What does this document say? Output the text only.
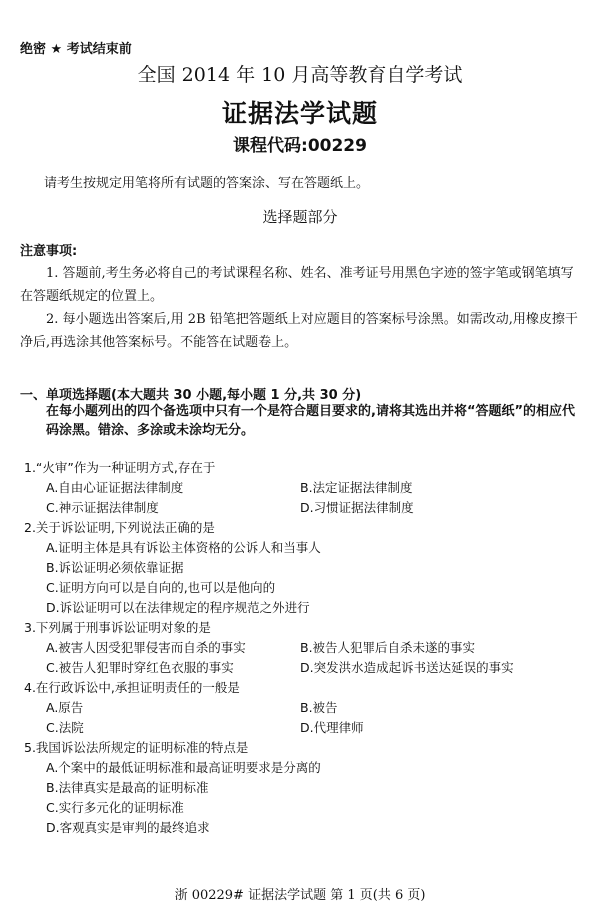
绝密 ★ 考试结束前
全国 2014 年 10 月高等教育自学考试
证据法学试题
课程代码:00229
请考生按规定用笔将所有试题的答案涂、写在答题纸上。
选择题部分
注意事项:
1. 答题前,考生务必将自己的考试课程名称、姓名、准考证号用黑色字迹的签字笔或钢笔填写在答题纸规定的位置上。
2. 每小题选出答案后,用 2B 铅笔把答题纸上对应题目的答案标号涂黑。如需改动,用橡皮擦干净后,再选涂其他答案标号。不能答在试题卷上。
一、单项选择题(本大题共 30 小题,每小题 1 分,共 30 分)
在每小题列出的四个备选项中只有一个是符合题目要求的,请将其选出并将“答题纸”的相应代码涂黑。错涂、多涂或未涂均无分。
1.“火审”作为一种证明方式,存在于
A.自由心证证据法律制度	B.法定证据法律制度
C.神示证据法律制度	D.习惯证据法律制度
2.关于诉讼证明,下列说法正确的是
A.证明主体是具有诉讼主体资格的公诉人和当事人
B.诉讼证明必须依靠证据
C.证明方向可以是自向的,也可以是他向的
D.诉讼证明可以在法律规定的程序规范之外进行
3.下列属于刑事诉讼证明对象的是
A.被害人因受犯罪侵害而自杀的事实	B.被告人犯罪后自杀未遂的事实
C.被告人犯罪时穿红色衣服的事实	D.突发洪水造成起诉书送达延误的事实
4.在行政诉讼中,承担证明责任的一般是
A.原告	B.被告
C.法院	D.代理律师
5.我国诉讼法所规定的证明标准的特点是
A.个案中的最低证明标准和最高证明要求是分离的
B.法律真实是最高的证明标准
C.实行多元化的证明标准
D.客观真实是审判的最终追求
浙 00229# 证据法学试题 第 1 页(共 6 页)
